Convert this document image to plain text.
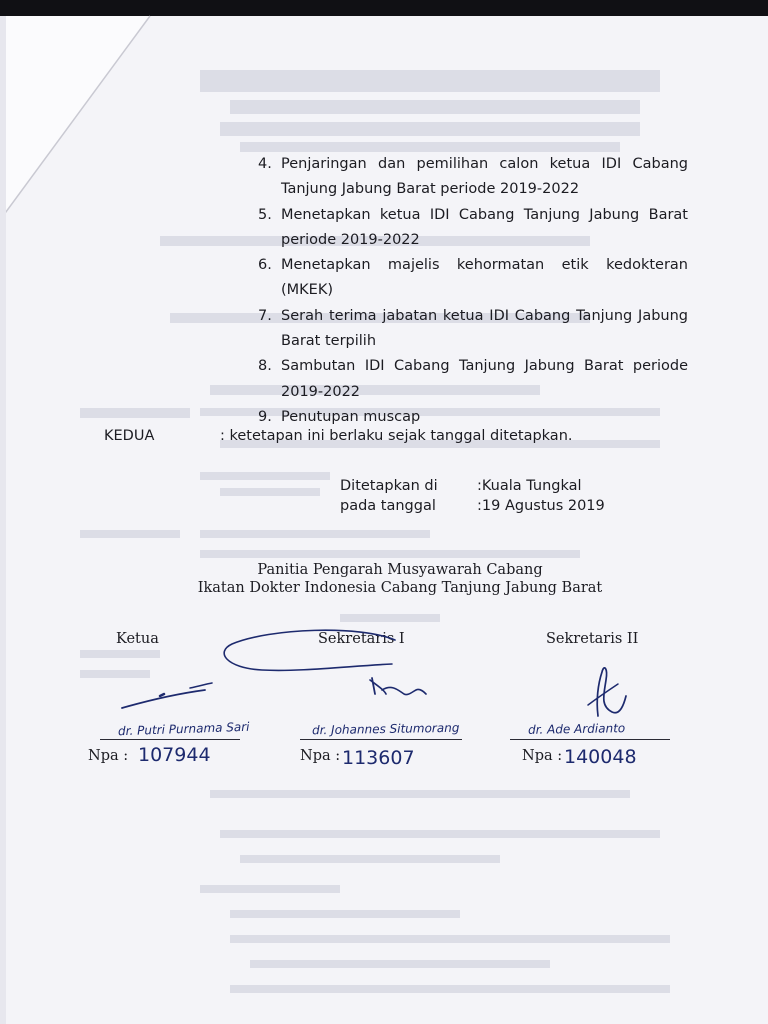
4. Penjaringan dan pemilihan calon ketua IDI Cabang Tanjung Jabung Barat periode 2019-2022
5. Menetapkan ketua IDI Cabang Tanjung Jabung Barat periode 2019-2022
6. Menetapkan majelis kehormatan etik kedokteran (MKEK)
7. Serah terima jabatan ketua IDI Cabang Tanjung Jabung Barat terpilih
8. Sambutan IDI Cabang Tanjung Jabung Barat periode 2019-2022
9. Penutupan muscap
KEDUA	: ketetapan ini berlaku sejak tanggal ditetapkan.
Ditetapkan di	:Kuala Tungkal
pada tanggal	:19 Agustus 2019
Panitia Pengarah Musyawarah Cabang
Ikatan Dokter Indonesia Cabang Tanjung Jabung Barat
Ketua	Sekretaris I	Sekretaris II
dr. Putri Purnama Sari	dr. Johannes Situmorang	dr. Ade Ardianto
Npa : 107944	Npa : 113607	Npa : 140048
